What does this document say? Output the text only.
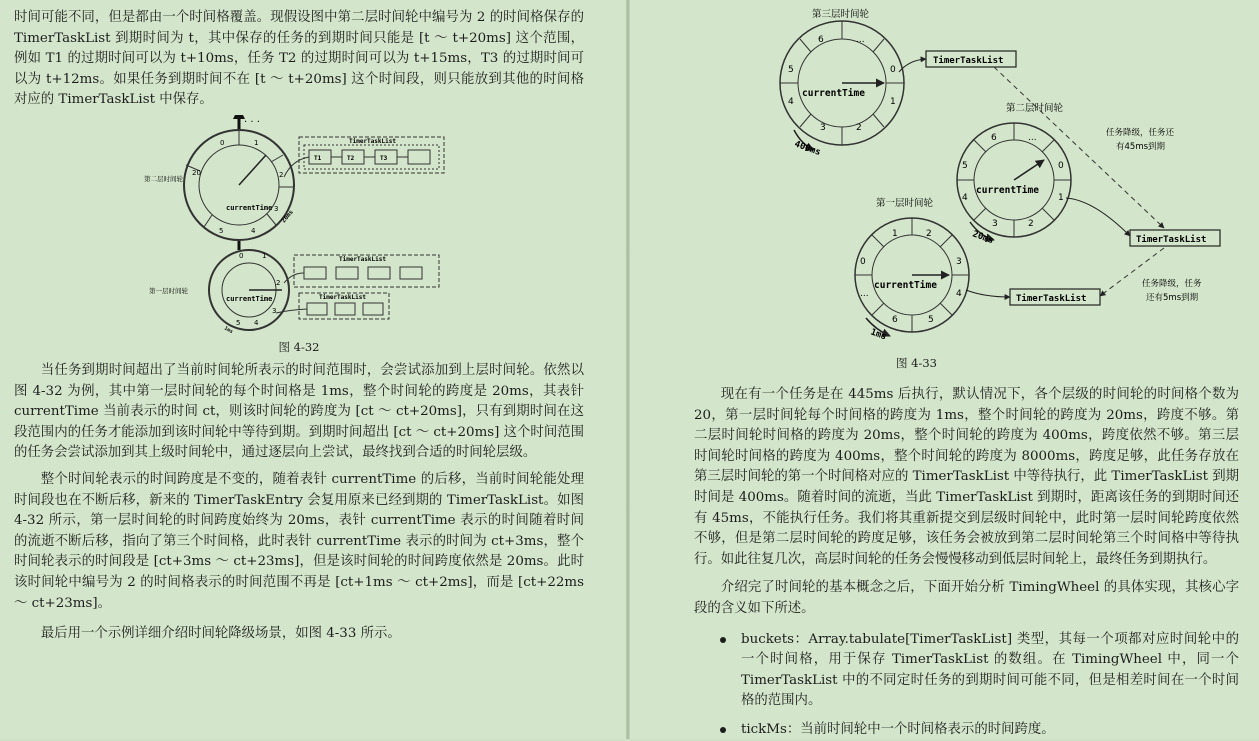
时间可能不同，但是都由一个时间格覆盖。现假设图中第二层时间轮中编号为 2 的时间格保存的 TimerTaskList 到期时间为 t，其中保存的任务的到期时间只能是 [t ～ t+20ms] 这个范围，例如 T1 的过期时间可以为 t+10ms，任务 T2 的过期时间可以为 t+15ms，T3 的过期时间可以为 t+12ms。如果任务到期时间不在 [t ～ t+20ms] 这个时间段，则只能放到其他的时间格对应的 TimerTaskList 中保存。

· · ·
0	1
2
3
4
5
20
currentTime
20ms
第二层时间轮
TimerTaskList
T1	T2	T3
0	1
2
3
4
5
currentTime
1ms
第一层时间轮
TimerTaskList
TimerTaskList

图 4-32

当任务到期时间超出了当前时间轮所表示的时间范围时，会尝试添加到上层时间轮。依然以图 4-32 为例，其中第一层时间轮的每个时间格是 1ms，整个时间轮的跨度是 20ms，其表针 currentTime 当前表示的时间 ct，则该时间轮的跨度为 [ct ～ ct+20ms]，只有到期时间在这段范围内的任务才能添加到该时间轮中等待到期。到期时间超出 [ct ～ ct+20ms] 这个时间范围的任务会尝试添加到其上级时间轮中，通过逐层向上尝试，最终找到合适的时间轮层级。

整个时间轮表示的时间跨度是不变的，随着表针 currentTime 的后移，当前时间轮能处理时间段也在不断后移，新来的 TimerTaskEntry 会复用原来已经到期的 TimerTaskList。如图 4-32 所示，第一层时间轮的时间跨度始终为 20ms，表针 currentTime 表示的时间随着时间的流逝不断后移，指向了第三个时间格，此时表针 currentTime 表示的时间为 ct+3ms，整个时间轮表示的时间段是 [ct+3ms ～ ct+23ms]，但是该时间轮的时间跨度依然是 20ms。此时该时间轮中编号为 2 的时间格表示的时间范围不再是 [ct+1ms ～ ct+2ms]，而是 [ct+22ms ～ ct+23ms]。

最后用一个示例详细介绍时间轮降级场景，如图 4-33 所示。

第三层时间轮
6	...
0
1
2
3
4
5
currentTime
400ms
TimerTaskList
第二层时间轮
6	...
0
1
2
3
4
5
currentTime
20ms	TimerTaskList
任务降级，任务还
有45ms到期
第一层时间轮
1	2
3
4
5
6
...
0
currentTime
1ms
TimerTaskList
任务降级，任务
还有5ms到期

图 4-33

现在有一个任务是在 445ms 后执行，默认情况下，各个层级的时间轮的时间格个数为 20，第一层时间轮每个时间格的跨度为 1ms，整个时间轮的跨度为 20ms，跨度不够。第二层时间轮时间格的跨度为 20ms，整个时间轮的跨度为 400ms，跨度依然不够。第三层时间轮时间格的跨度为 400ms，整个时间轮的跨度为 8000ms，跨度足够，此任务存放在第三层时间轮的第一个时间格对应的 TimerTaskList 中等待执行，此 TimerTaskList 到期时间是 400ms。随着时间的流逝，当此 TimerTaskList 到期时，距离该任务的到期时间还有 45ms，不能执行任务。我们将其重新提交到层级时间轮中，此时第一层时间轮跨度依然不够，但是第二层时间轮的跨度足够，该任务会被放到第二层时间轮第三个时间格中等待执行。如此往复几次，高层时间轮的任务会慢慢移动到低层时间轮上，最终任务到期执行。

介绍完了时间轮的基本概念之后，下面开始分析 TimingWheel 的具体实现，其核心字段的含义如下所述。

buckets：Array.tabulate[TimerTaskList] 类型，其每一个项都对应时间轮中的一个时间格，用于保存 TimerTaskList 的数组。在 TimingWheel 中，同一个 TimerTaskList 中的不同定时任务的到期时间可能不同，但是相差时间在一个时间格的范围内。
tickMs：当前时间轮中一个时间格表示的时间跨度。
